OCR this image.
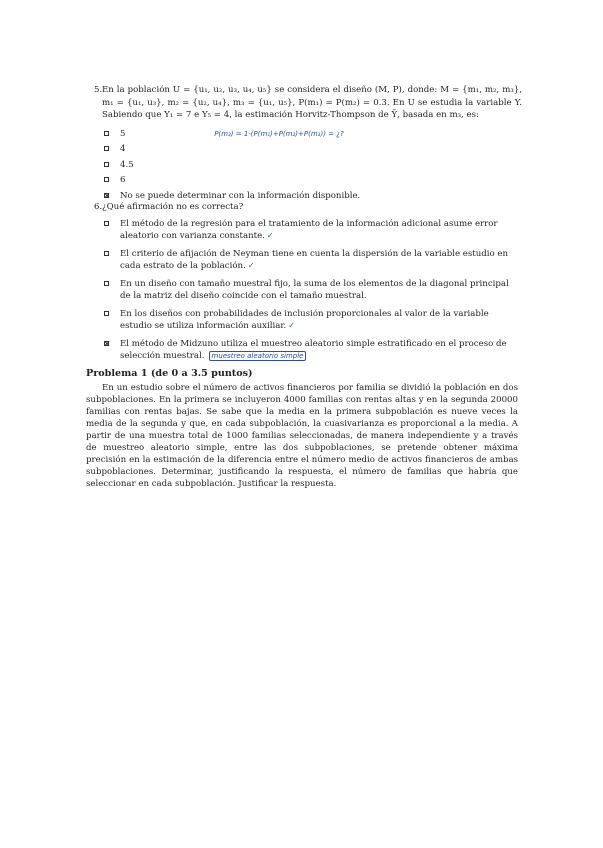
5. En la población U = {u₁, u₂, u₃, u₄, u₅} se considera el diseño (M, P), donde: M = {m₁, m₂, m₃}, m₁ = {u₁, u₃}, m₂ = {u₂, u₄}, m₃ = {u₁, u₅}, P(m₁) = P(m₂) = 0.3. En U se estudia la variable Y. Sabiendo que Y₁ = 7 e Y₅ = 4, la estimación Horvitz-Thompson de Ȳ, basada en m₃, es:

5	P(m₃) = 1-(P(m₁)+P(m₂)+P(m₃)) = ¿?
4
4.5
6
No se puede determinar con la información disponible.
6. ¿Qué afirmación no es correcta?

El método de la regresión para el tratamiento de la información adicional asume error aleatorio con varianza constante. ✓
El criterio de afijación de Neyman tiene en cuenta la dispersión de la variable estudio en cada estrato de la población. ✓
En un diseño con tamaño muestral fijo, la suma de los elementos de la diagonal principal de la matriz del diseño coincide con el tamaño muestral.
En los diseños con probabilidades de inclusión proporcionales al valor de la variable estudio se utiliza información auxiliar. ✓
El método de Midzuno utiliza el muestreo aleatorio simple estratificado en el proceso de selección muestral. muestreo aleatorio simple
Problema 1 (de 0 a 3.5 puntos)

En un estudio sobre el número de activos financieros por familia se dividió la población en dos subpoblaciones. En la primera se incluyeron 4000 familias con rentas altas y en la segunda 20000 familias con rentas bajas. Se sabe que la media en la primera subpoblación es nueve veces la media de la segunda y que, en cada subpoblación, la cuasivarianza es proporcional a la media. A partir de una muestra total de 1000 familias seleccionadas, de manera independiente y a través de muestreo aleatorio simple, entre las dos subpoblaciones, se pretende obtener máxima precisión en la estimación de la diferencia entre el número medio de activos financieros de ambas subpoblaciones. Determinar, justificando la respuesta, el número de familias que habría que seleccionar en cada subpoblación. Justificar la respuesta.
